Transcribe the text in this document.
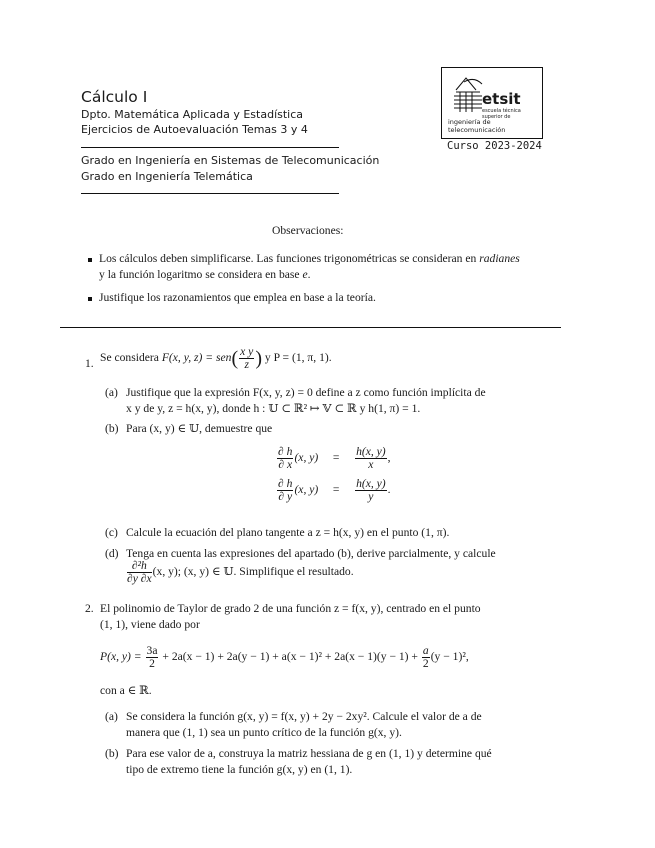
Cálculo I
Dpto. Matemática Aplicada y Estadística
Ejercicios de Autoevaluación Temas 3 y 4
Grado en Ingeniería en Sistemas de Telecomunicación
Grado en Ingeniería Telemática
etsit
escuela técnica superior de
ingeniería de telecomunicación
Curso 2023-2024
Observaciones:
Los cálculos deben simplificarse. Las funciones trigonométricas se consideran en radianes
y la función logaritmo se considera en base e.
Justifique los razonamientos que emplea en base a la teoría.
1. Se considera F(x, y, $z) = sen( \frac{\text{x y}}{z}$ ) y P = (1, π, 1).
(a) Justifique que la expresión F(x, y, z) = 0 define a z como función implícita de
x y de y, z = h(x, y), donde h : 𝕌 ⊂ ℝ² ↦ 𝕍 ⊂ ℝ y h(1, π) = 1.
(b) Para (x, y) ∈ 𝕌, demuestre que
$\frac{\partial h}{\partial x} (x$, $y) = \frac{h(x, y)}{x}$ ,
$\frac{\partial h}{\partial y} (x$, $y) = \frac{h(x, y)}{y}$ .
(c) Calcule la ecuación del plano tangente a z = h(x, y) en el punto (1, π).
(d) Tenga en cuenta las expresiones del apartado (b), derive parcialmente, y calcule
$\frac{\text{∂²h}}{\partial y \partial x} (x$, y); (x, y) ∈ 𝕌. Simplifique el resultado.
2. El polinomio de Taylor de grado 2 de una función z = f(x, y), centrado en el punto
(1, 1), viene dado por
P(x, $y) = \frac{3a}{2} + 2a(x - 1) + 2a(y - 1) + a(x - 1)^2 + 2a(x - 1)(y - 1) + \frac{a}{2} (y - 1)^2$,
con a ∈ ℝ.
(a) Se considera la función g(x, y) = f(x, y) + 2y − 2xy². Calcule el valor de a de
manera que (1, 1) sea un punto crítico de la función g(x, y).
(b) Para ese valor de a, construya la matriz hessiana de g en (1, 1) y determine qué
tipo de extremo tiene la función g(x, y) en (1, 1).
